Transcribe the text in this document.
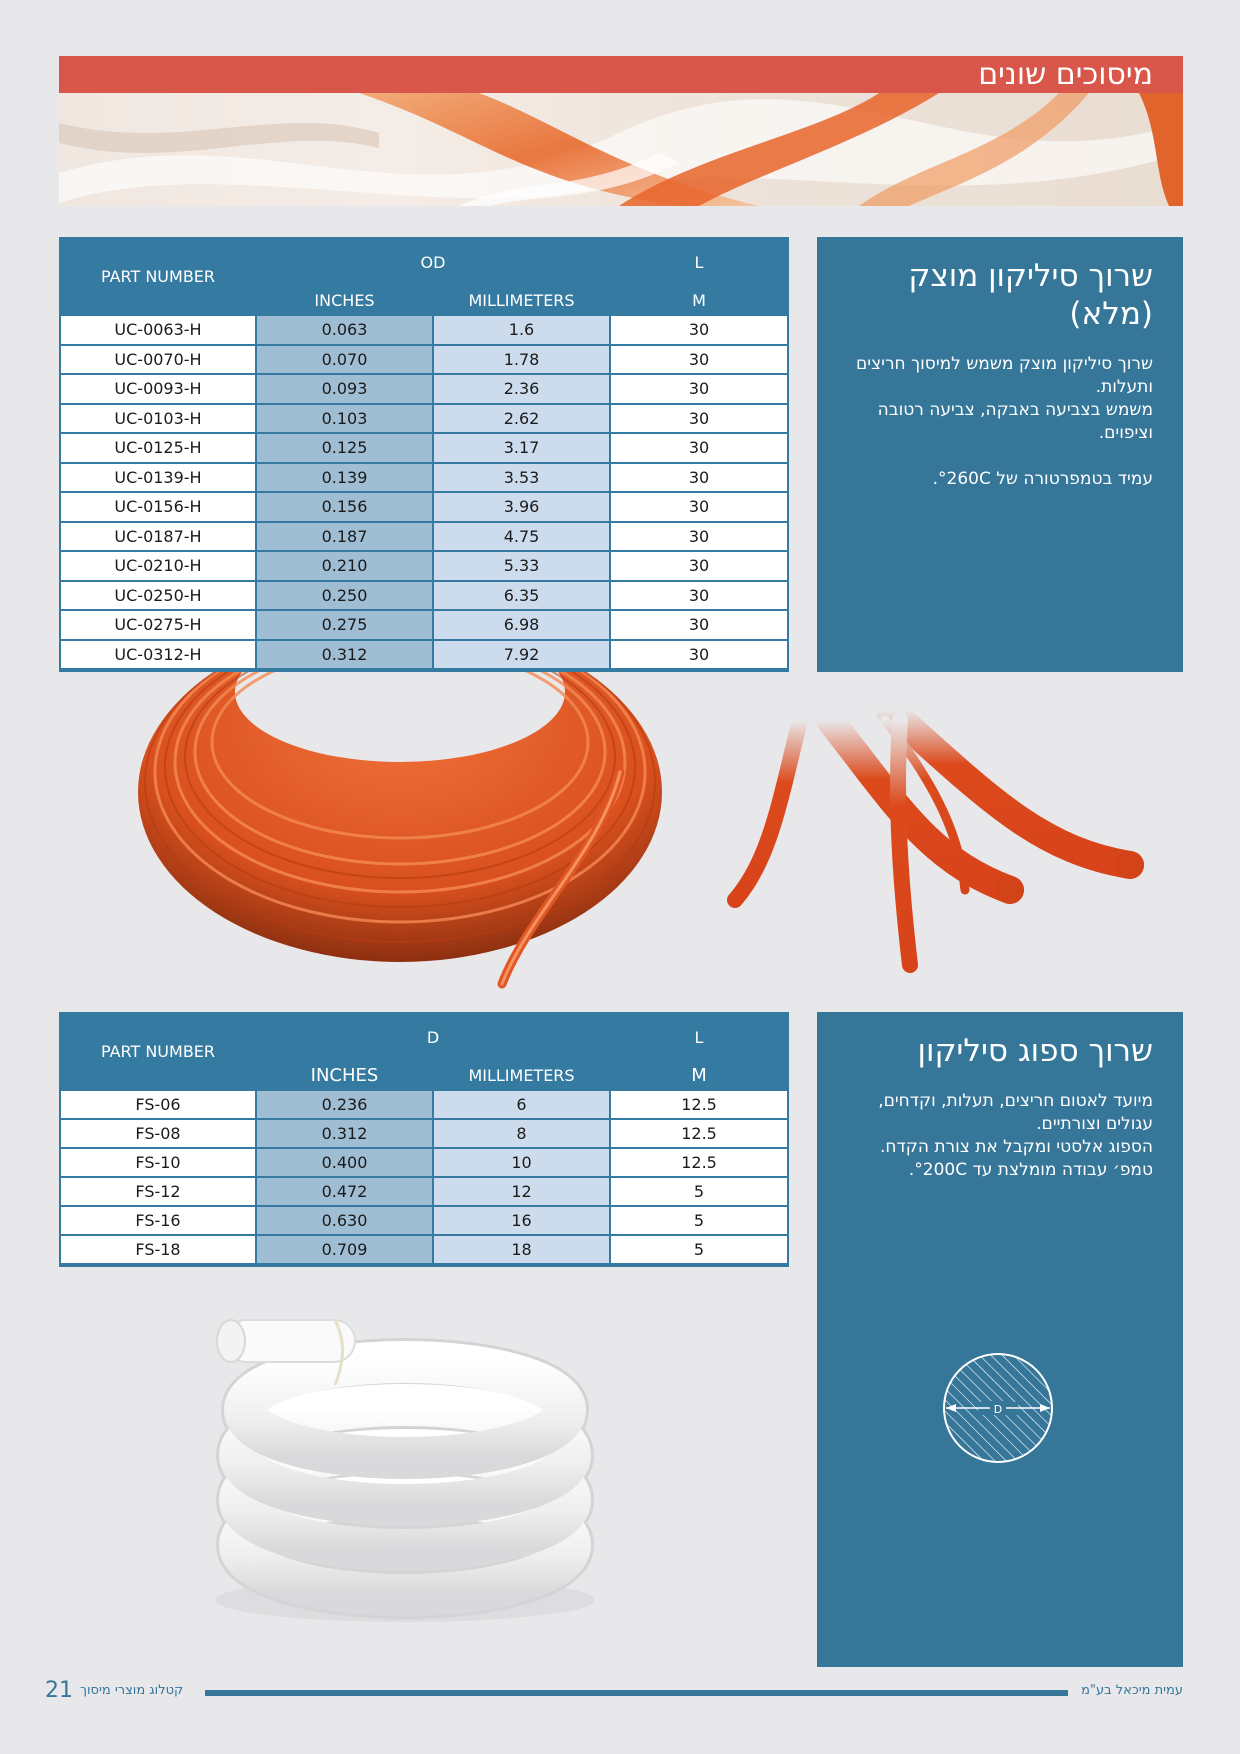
מיסוכים שונים
PART NUMBER	OD		L
	INCHES	MILLIMETERS	M
UC-0063-H	0.063	1.6	30
UC-0070-H	0.070	1.78	30
UC-0093-H	0.093	2.36	30
UC-0103-H	0.103	2.62	30
UC-0125-H	0.125	3.17	30
UC-0139-H	0.139	3.53	30
UC-0156-H	0.156	3.96	30
UC-0187-H	0.187	4.75	30
UC-0210-H	0.210	5.33	30
UC-0250-H	0.250	6.35	30
UC-0275-H	0.275	6.98	30
UC-0312-H	0.312	7.92	30
שרוך סיליקון מוצק (מלא)

שרוך סיליקון מוצק משמש למיסוך חריצים ותעלות.

משמש בצביעה באבקה, צביעה רטובה וציפוים.

עמיד בטמפרטורה של 260C°.

PART NUMBER	D		L
	INCHES	MILLIMETERS	M
FS-06	0.236	6	12.5
FS-08	0.312	8	12.5
FS-10	0.400	10	12.5
FS-12	0.472	12	5
FS-16	0.630	16	5
FS-18	0.709	18	5
שרוך ספוג סיליקון

מיועד לאטום חריצים, תעלות, וקדחים, עגולים וצורתיים.

הספוג אלסטי ומקבל את צורת הקדח.

טמפ׳ עבודה מומלצת עד 200C°.

D
21 קטלוג מוצרי מיסוך	עמית מיכאל בע"מ
